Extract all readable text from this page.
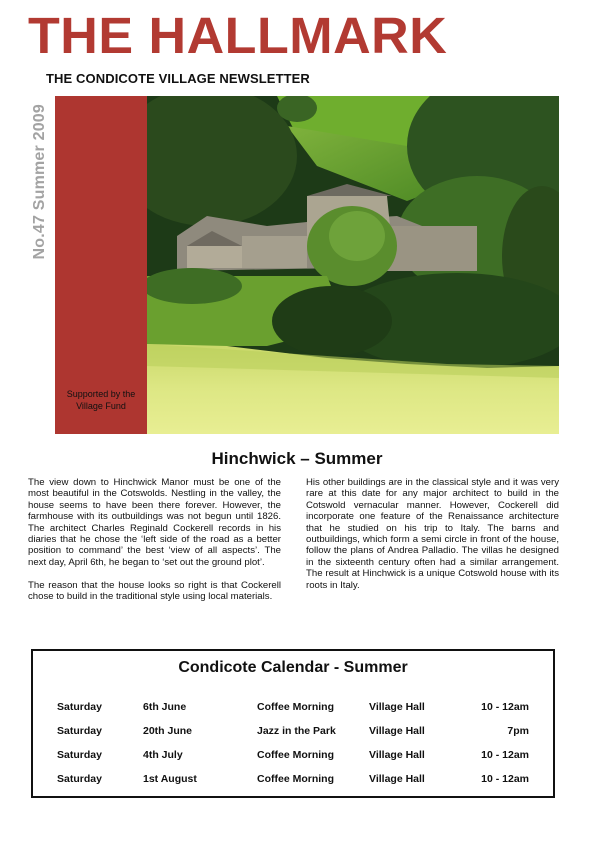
THE HALLMARK

THE CONDICOTE VILLAGE NEWSLETTER

No.47 Summer 2009

Supported by the Village Fund

Hinchwick – Summer

The view down to Hinchwick Manor must be one of the most beautiful in the Cotswolds. Nestling in the valley, the house seems to have been there forever. However, the farmhouse with its outbuildings was not begun until 1826. The architect Charles Reginald Cockerell records in his diaries that he chose the ‘left side of the road as a better position to command’ the best ‘view of all aspects’. The next day, April 6th, he began to ‘set out the ground plot’.

The reason that the house looks so right is that Cockerell chose to build in the traditional style using local materials.

His other buildings are in the classical style and it was very rare at this date for any major architect to build in the Cotswold vernacular manner. However, Cockerell did incorporate one feature of the Renaissance architecture that he studied on his trip to Italy. The barns and outbuildings, which form a semi circle in front of the house, follow the plans of Andrea Palladio. The villas he designed in the sixteenth century often had a similar arrangement. The result at Hinchwick is a unique Cotswold house with its roots in Italy.

Condicote Calendar - Summer

Saturday	6th June	Coffee Morning	Village Hall	10 - 12am
Saturday	20th June	Jazz in the Park	Village Hall	7pm
Saturday	4th July	Coffee Morning	Village Hall	10 - 12am
Saturday	1st August	Coffee Morning	Village Hall	10 - 12am
